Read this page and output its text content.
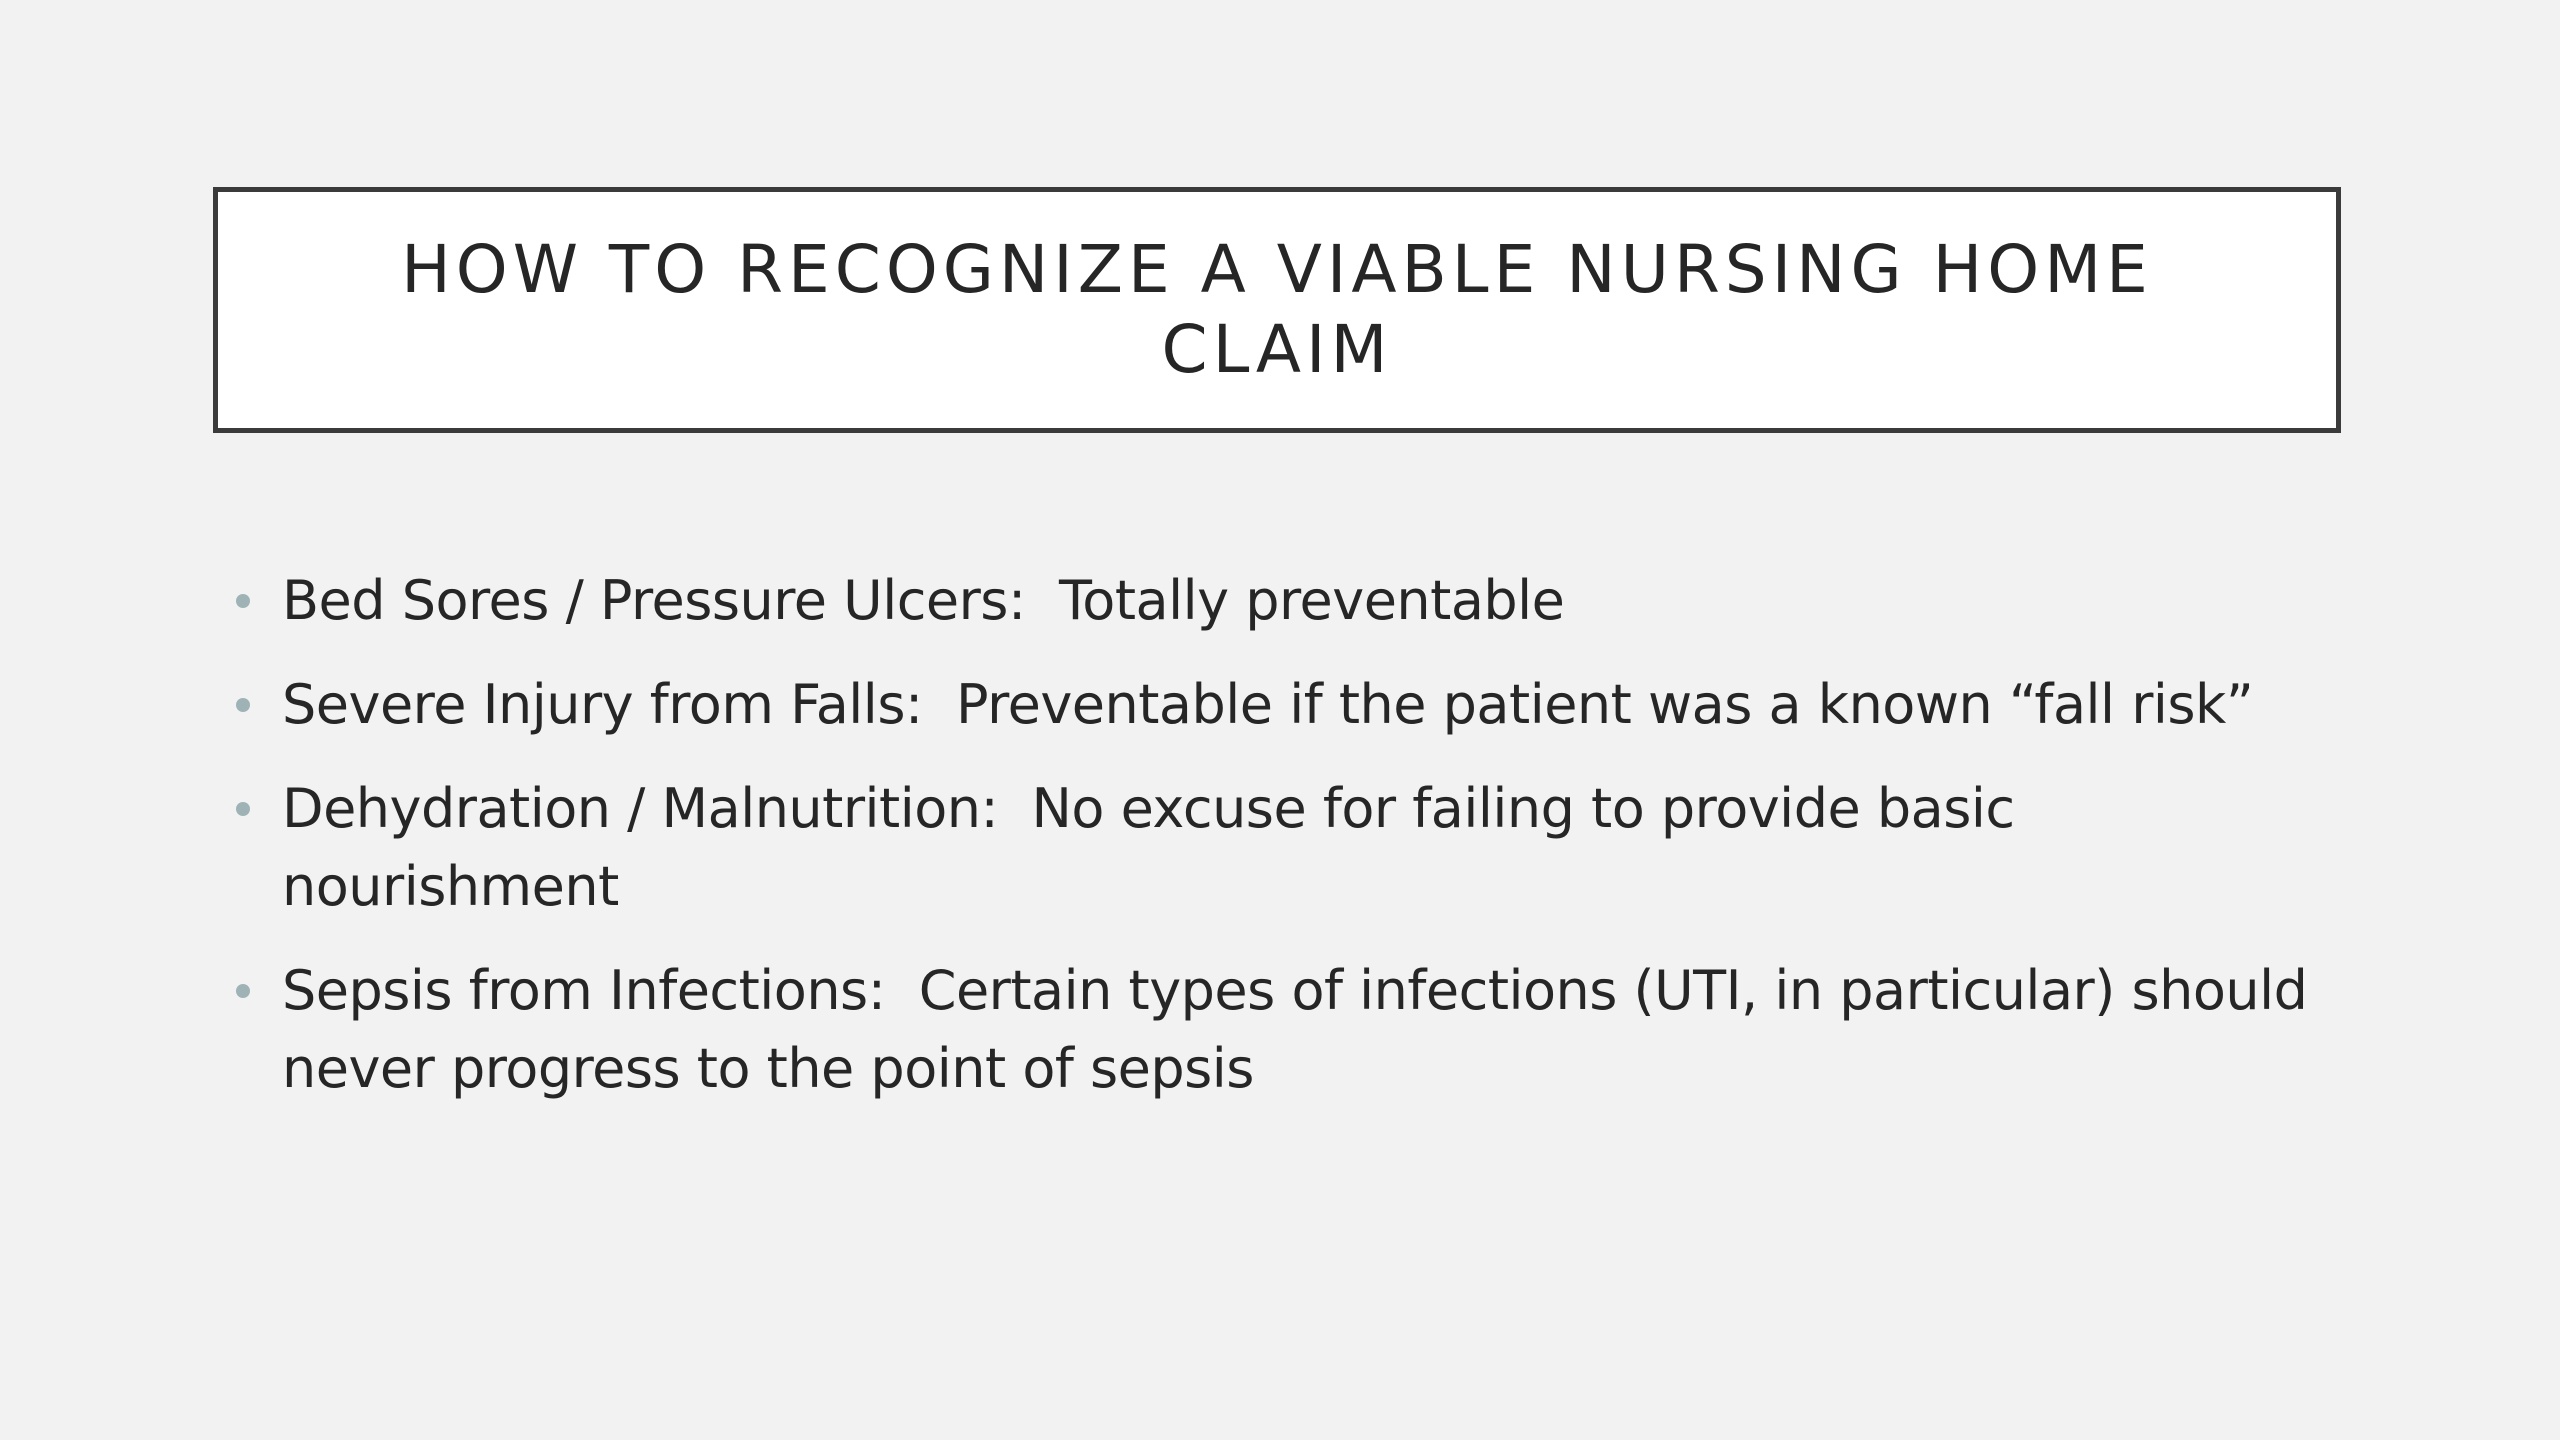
HOW TO RECOGNIZE A VIABLE NURSING HOME CLAIM
Bed Sores / Pressure Ulcers: Totally preventable
Severe Injury from Falls: Preventable if the patient was a known “fall risk”
Dehydration / Malnutrition: No excuse for failing to provide basic nourishment
Sepsis from Infections: Certain types of infections (UTI, in particular) should never progress to the point of sepsis
